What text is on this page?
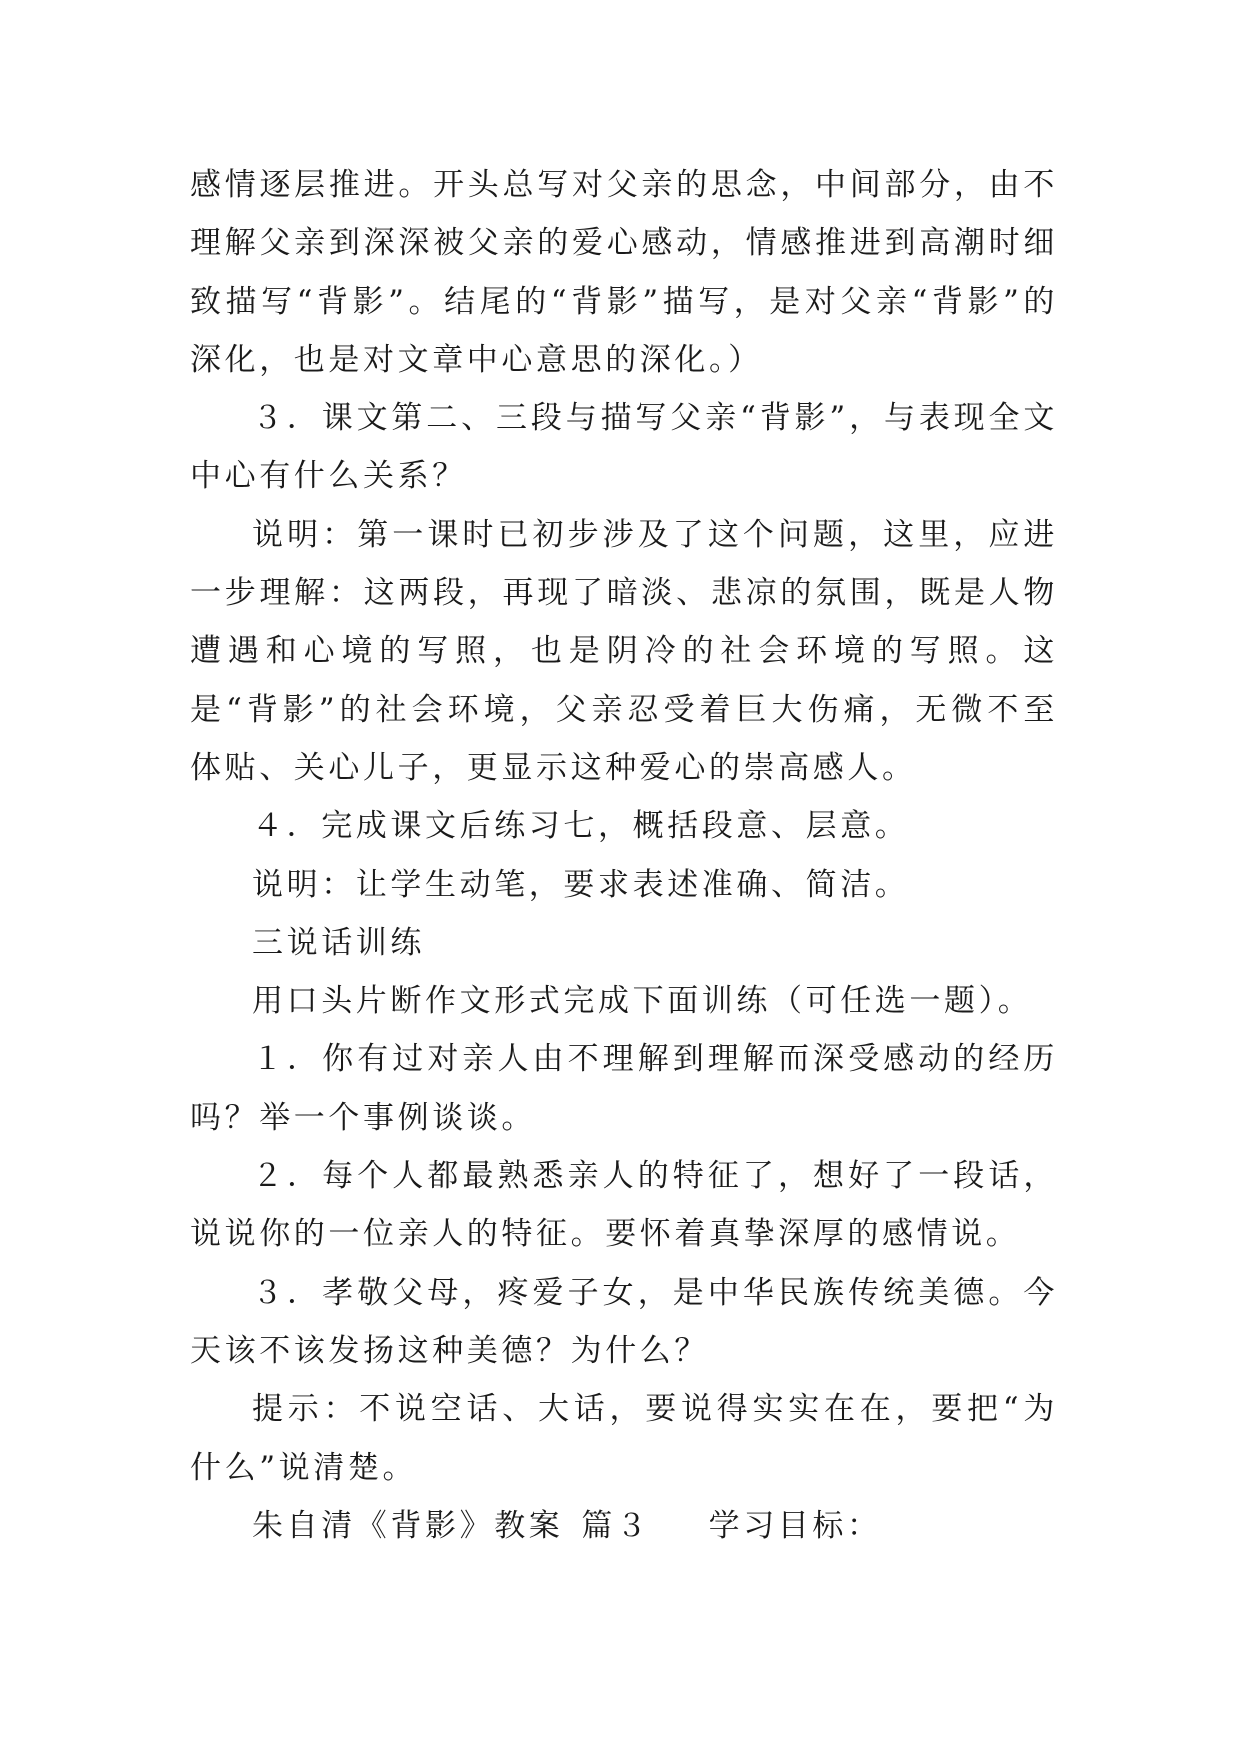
感情逐层推进。开头总写对父亲的思念，中间部分，由不理解父亲到深深被父亲的爱心感动，情感推进到高潮时细致描写“背影”。结尾的“背影”描写，是对父亲“背影”的深化，也是对文章中心意思的深化。）

３．课文第二、三段与描写父亲“背影”，与表现全文中心有什么关系？

说明：第一课时已初步涉及了这个问题，这里，应进一步理解：这两段，再现了暗淡、悲凉的氛围，既是人物遭遇和心境的写照，也是阴冷的社会环境的写照。这是“背影”的社会环境，父亲忍受着巨大伤痛，无微不至体贴、关心儿子，更显示这种爱心的崇高感人。

４．完成课文后练习七，概括段意、层意。

说明：让学生动笔，要求表述准确、简洁。

三说话训练

用口头片断作文形式完成下面训练（可任选一题）。

１．你有过对亲人由不理解到理解而深受感动的经历吗？举一个事例谈谈。

２．每个人都最熟悉亲人的特征了，想好了一段话，说说你的一位亲人的特征。要怀着真挚深厚的感情说。

３．孝敬父母，疼爱子女，是中华民族传统美德。今天该不该发扬这种美德？为什么？

提示：不说空话、大话，要说得实实在在，要把“为什么”说清楚。

朱自清《背影》教案 篇３ 学习目标：
